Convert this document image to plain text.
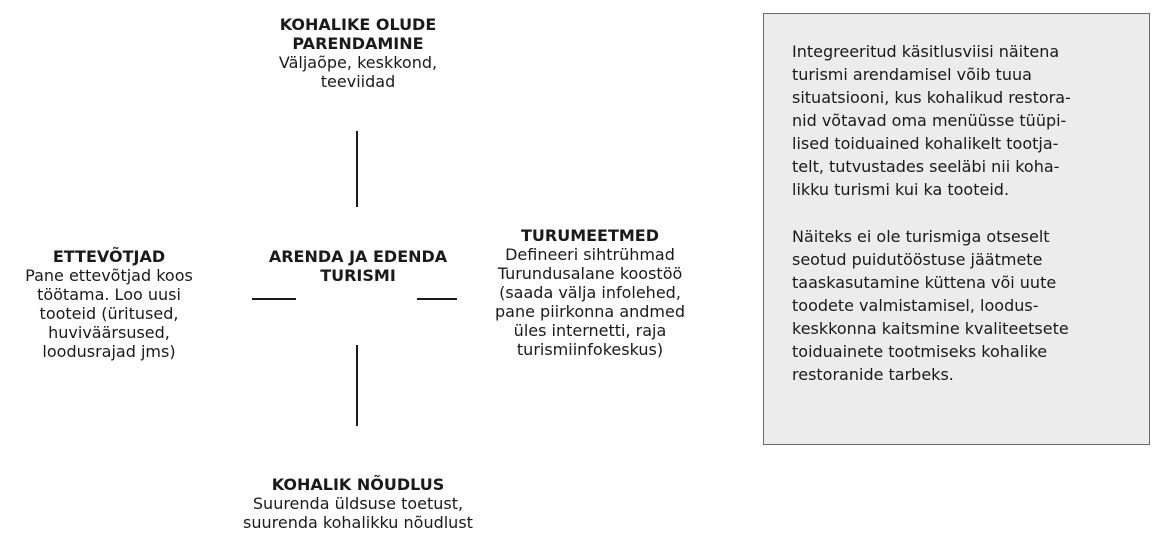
KOHALIKE OLUDE
PARENDAMINE
Väljaõpe, keskkond,
teeviidad
ETTEVÕTJAD
Pane ettevõtjad koos
töötama. Loo uusi
tooteid (üritused,
huviväärsused,
loodusrajad jms)
ARENDA JA EDENDA
TURISMI
TURUMEETMED
Defineeri sihtrühmad
Turundusalane koostöö
(saada välja infolehed,
pane piirkonna andmed
üles internetti, raja
turismiinfokeskus)
KOHALIK NÕUDLUS
Suurenda üldsuse toetust,
suurenda kohalikku nõudlust

Integreeritud käsitlusviisi näitena
turismi arendamisel võib tuua
situatsiooni, kus kohalikud restora-
nid võtavad oma menüüsse tüüpi-
lised toiduained kohalikelt tootja-
telt, tutvustades seeläbi nii koha-
likku turismi kui ka tooteid.

Näiteks ei ole turismiga otseselt
seotud puidutööstuse jäätmete
taaskasutamine küttena või uute
toodete valmistamisel, loodus-
keskkonna kaitsmine kvaliteetsete
toiduainete tootmiseks kohalike
restoranide tarbeks.
